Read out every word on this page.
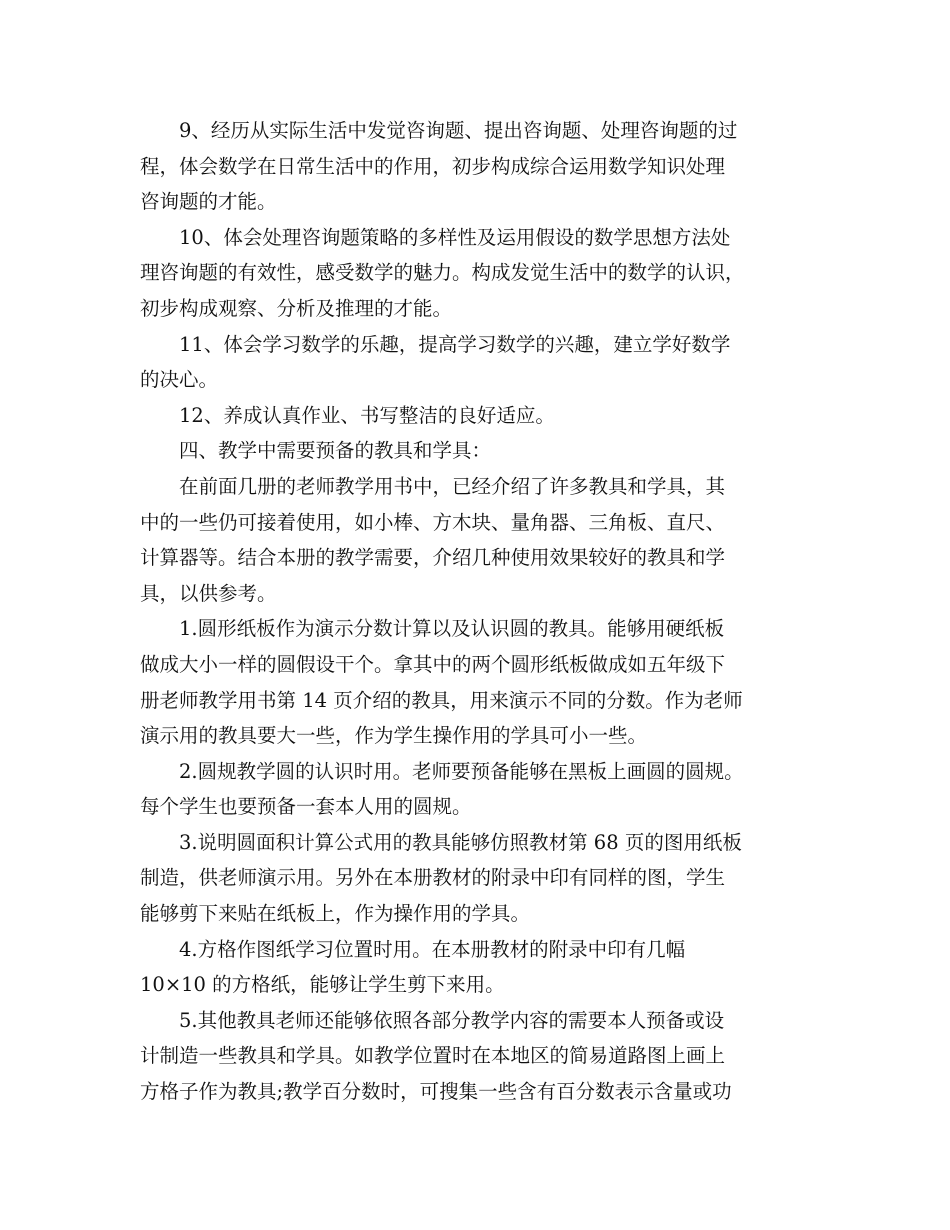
　　9、经历从实际生活中发觉咨询题、提出咨询题、处理咨询题的过
程，体会数学在日常生活中的作用，初步构成综合运用数学知识处理
咨询题的才能。
　　10、体会处理咨询题策略的多样性及运用假设的数学思想方法处
理咨询题的有效性，感受数学的魅力。构成发觉生活中的数学的认识，
初步构成观察、分析及推理的才能。
　　11、体会学习数学的乐趣，提高学习数学的兴趣，建立学好数学
的决心。
　　12、养成认真作业、书写整洁的良好适应。
　　四、教学中需要预备的教具和学具：
　　在前面几册的老师教学用书中，已经介绍了许多教具和学具，其
中的一些仍可接着使用，如小棒、方木块、量角器、三角板、直尺、
计算器等。结合本册的教学需要，介绍几种使用效果较好的教具和学
具，以供参考。
　　1.圆形纸板作为演示分数计算以及认识圆的教具。能够用硬纸板
做成大小一样的圆假设干个。拿其中的两个圆形纸板做成如五年级下
册老师教学用书第 14 页介绍的教具，用来演示不同的分数。作为老师
演示用的教具要大一些，作为学生操作用的学具可小一些。
　　2.圆规教学圆的认识时用。老师要预备能够在黑板上画圆的圆规。
每个学生也要预备一套本人用的圆规。
　　3.说明圆面积计算公式用的教具能够仿照教材第 68 页的图用纸板
制造，供老师演示用。另外在本册教材的附录中印有同样的图，学生
能够剪下来贴在纸板上，作为操作用的学具。
　　4.方格作图纸学习位置时用。在本册教材的附录中印有几幅
10×10 的方格纸，能够让学生剪下来用。
　　5.其他教具老师还能够依照各部分教学内容的需要本人预备或设
计制造一些教具和学具。如教学位置时在本地区的简易道路图上画上
方格子作为教具;教学百分数时，可搜集一些含有百分数表示含量或功
